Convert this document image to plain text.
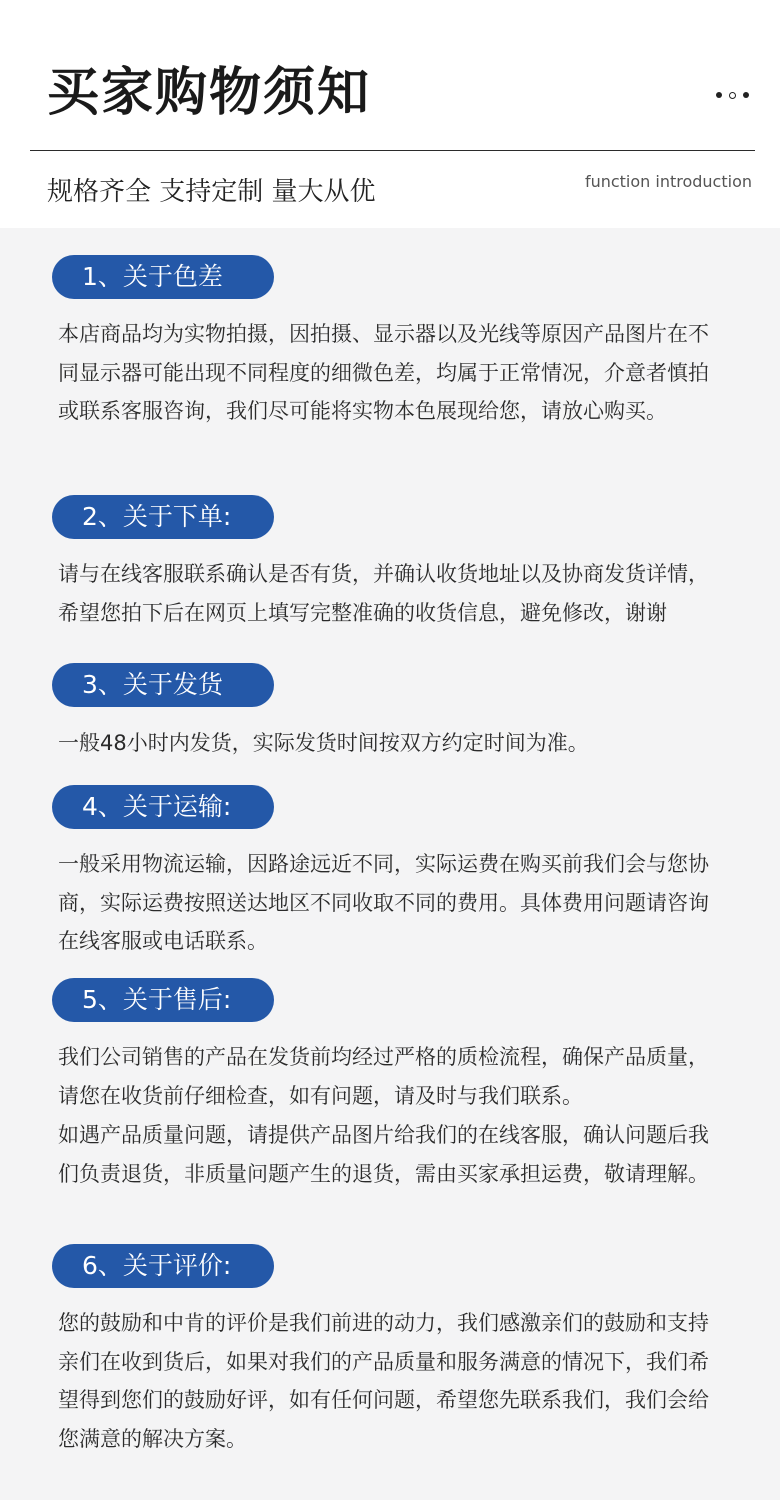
买家购物须知
规格齐全 支持定制 量大从优	function introduction
1、关于色差

本店商品均为实物拍摄，因拍摄、显示器以及光线等原因产品图片在不同显示器可能出现不同程度的细微色差，均属于正常情况，介意者慎拍或联系客服咨询，我们尽可能将实物本色展现给您，请放心购买。

2、关于下单:

请与在线客服联系确认是否有货，并确认收货地址以及协商发货详情，希望您拍下后在网页上填写完整准确的收货信息，避免修改，谢谢

3、关于发货

一般48小时内发货，实际发货时间按双方约定时间为准。

4、关于运输:

一般采用物流运输，因路途远近不同，实际运费在购买前我们会与您协商，实际运费按照送达地区不同收取不同的费用。具体费用问题请咨询在线客服或电话联系。

5、关于售后:

我们公司销售的产品在发货前均经过严格的质检流程，确保产品质量，请您在收货前仔细检查，如有问题，请及时与我们联系。

如遇产品质量问题，请提供产品图片给我们的在线客服，确认问题后我们负责退货，非质量问题产生的退货，需由买家承担运费，敬请理解。

6、关于评价:

您的鼓励和中肯的评价是我们前进的动力，我们感激亲们的鼓励和支持亲们在收到货后，如果对我们的产品质量和服务满意的情况下，我们希望得到您们的鼓励好评，如有任何问题，希望您先联系我们，我们会给您满意的解决方案。
